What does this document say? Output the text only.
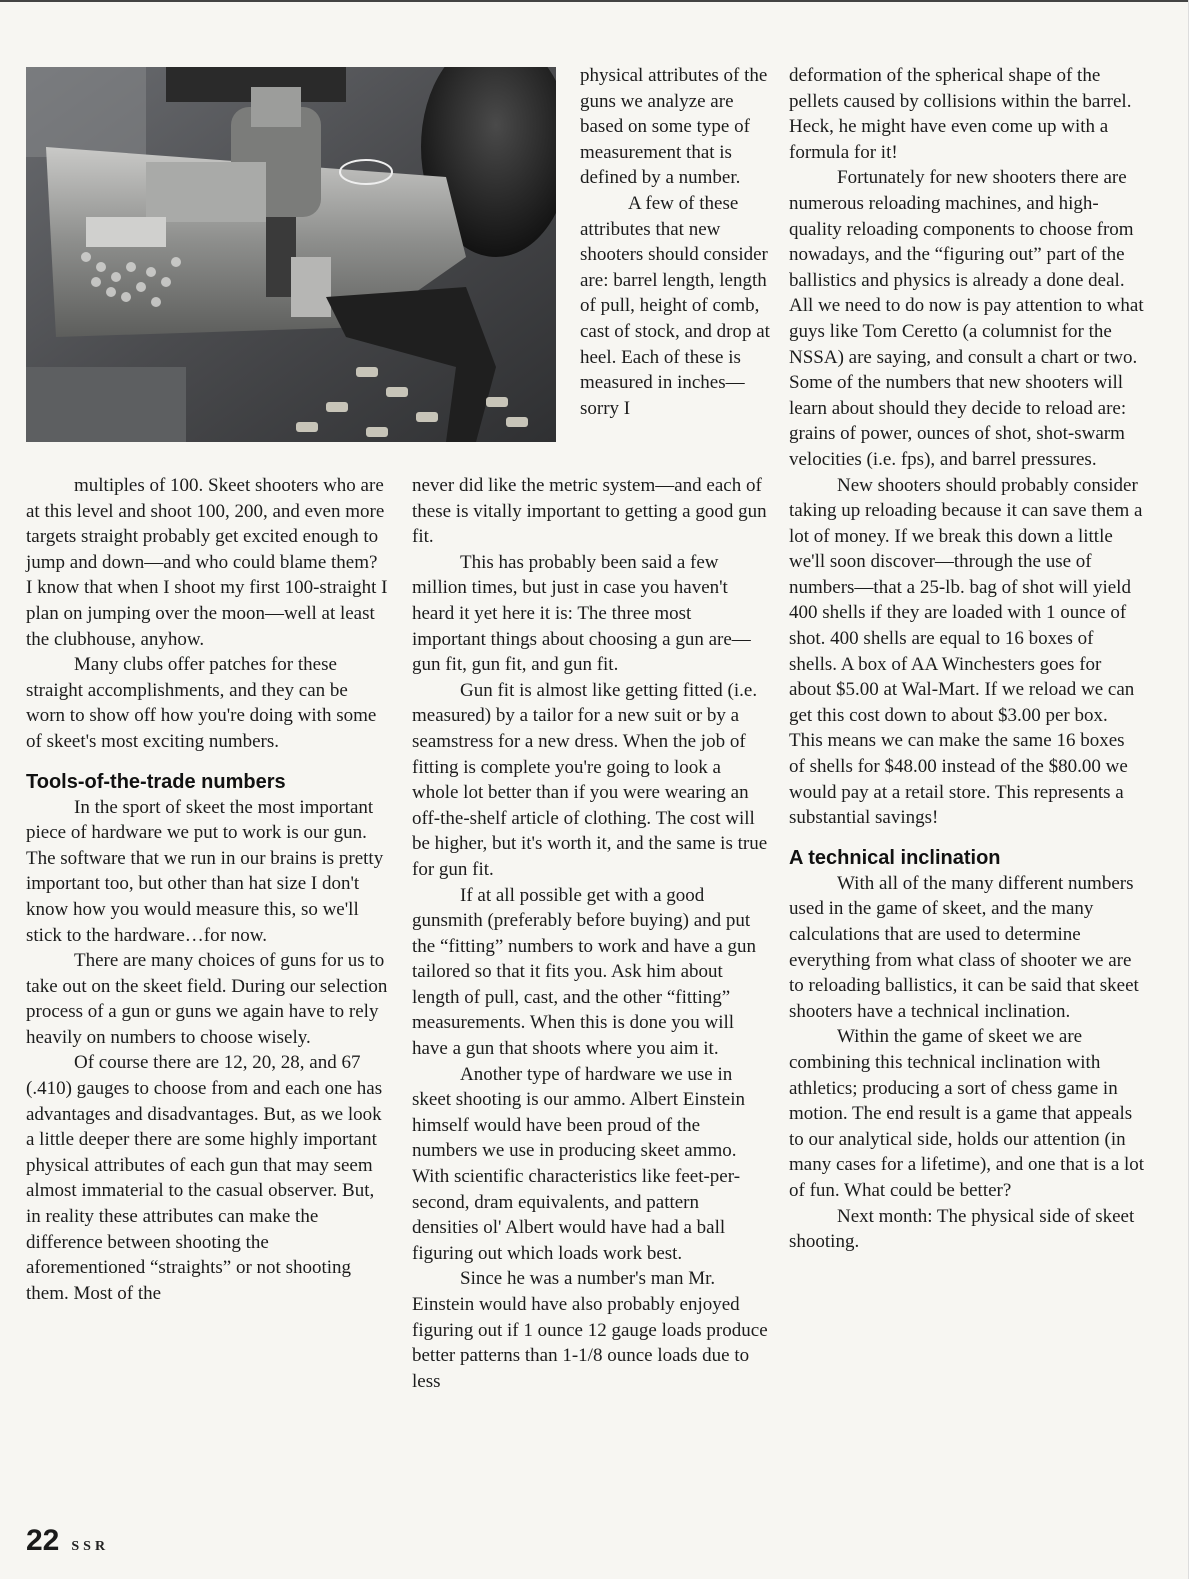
physical attributes of the guns we analyze are based on some type of measurement that is defined by a number.

A few of these attributes that new shooters should consider are: barrel length, length of pull, height of comb, cast of stock, and drop at heel. Each of these is measured in inches—sorry I

multiples of 100. Skeet shooters who are at this level and shoot 100, 200, and even more targets straight probably get excited enough to jump and down—and who could blame them? I know that when I shoot my first 100-straight I plan on jumping over the moon—well at least the clubhouse, anyhow.

Many clubs offer patches for these straight accomplishments, and they can be worn to show off how you're doing with some of skeet's most exciting numbers.

Tools-of-the-trade numbers

In the sport of skeet the most important piece of hardware we put to work is our gun. The software that we run in our brains is pretty important too, but other than hat size I don't know how you would measure this, so we'll stick to the hardware…for now.

There are many choices of guns for us to take out on the skeet field. During our selection process of a gun or guns we again have to rely heavily on numbers to choose wisely.

Of course there are 12, 20, 28, and 67 (.410) gauges to choose from and each one has advantages and disadvantages. But, as we look a little deeper there are some highly important physical attributes of each gun that may seem almost immaterial to the casual observer. But, in reality these attributes can make the difference between shooting the aforementioned “straights” or not shooting them. Most of the

never did like the metric system—and each of these is vitally important to getting a good gun fit.

This has probably been said a few million times, but just in case you haven't heard it yet here it is: The three most important things about choosing a gun are—gun fit, gun fit, and gun fit.

Gun fit is almost like getting fitted (i.e. measured) by a tailor for a new suit or by a seamstress for a new dress. When the job of fitting is complete you're going to look a whole lot better than if you were wearing an off-the-shelf article of clothing. The cost will be higher, but it's worth it, and the same is true for gun fit.

If at all possible get with a good gunsmith (preferably before buying) and put the “fitting” numbers to work and have a gun tailored so that it fits you. Ask him about length of pull, cast, and the other “fitting” measurements. When this is done you will have a gun that shoots where you aim it.

Another type of hardware we use in skeet shooting is our ammo. Albert Einstein himself would have been proud of the numbers we use in producing skeet ammo. With scientific characteristics like feet-per-second, dram equivalents, and pattern densities ol' Albert would have had a ball figuring out which loads work best.

Since he was a number's man Mr. Einstein would have also probably enjoyed figuring out if 1 ounce 12 gauge loads produce better patterns than 1-1/8 ounce loads due to less

deformation of the spherical shape of the pellets caused by collisions within the barrel. Heck, he might have even come up with a formula for it!

Fortunately for new shooters there are numerous reloading machines, and high-quality reloading components to choose from nowadays, and the “figuring out” part of the ballistics and physics is already a done deal. All we need to do now is pay attention to what guys like Tom Ceretto (a columnist for the NSSA) are saying, and consult a chart or two. Some of the numbers that new shooters will learn about should they decide to reload are: grains of power, ounces of shot, shot-swarm velocities (i.e. fps), and barrel pressures.

New shooters should probably consider taking up reloading because it can save them a lot of money. If we break this down a little we'll soon discover—through the use of numbers—that a 25-lb. bag of shot will yield 400 shells if they are loaded with 1 ounce of shot. 400 shells are equal to 16 boxes of shells. A box of AA Winchesters goes for about $5.00 at Wal-Mart. If we reload we can get this cost down to about $3.00 per box. This means we can make the same 16 boxes of shells for $48.00 instead of the $80.00 we would pay at a retail store. This represents a substantial savings!

A technical inclination

With all of the many different numbers used in the game of skeet, and the many calculations that are used to determine everything from what class of shooter we are to reloading ballistics, it can be said that skeet shooters have a technical inclination.

Within the game of skeet we are combining this technical inclination with athletics; producing a sort of chess game in motion. The end result is a game that appeals to our analytical side, holds our attention (in many cases for a lifetime), and one that is a lot of fun. What could be better?

Next month: The physical side of skeet shooting.

22 SSR
